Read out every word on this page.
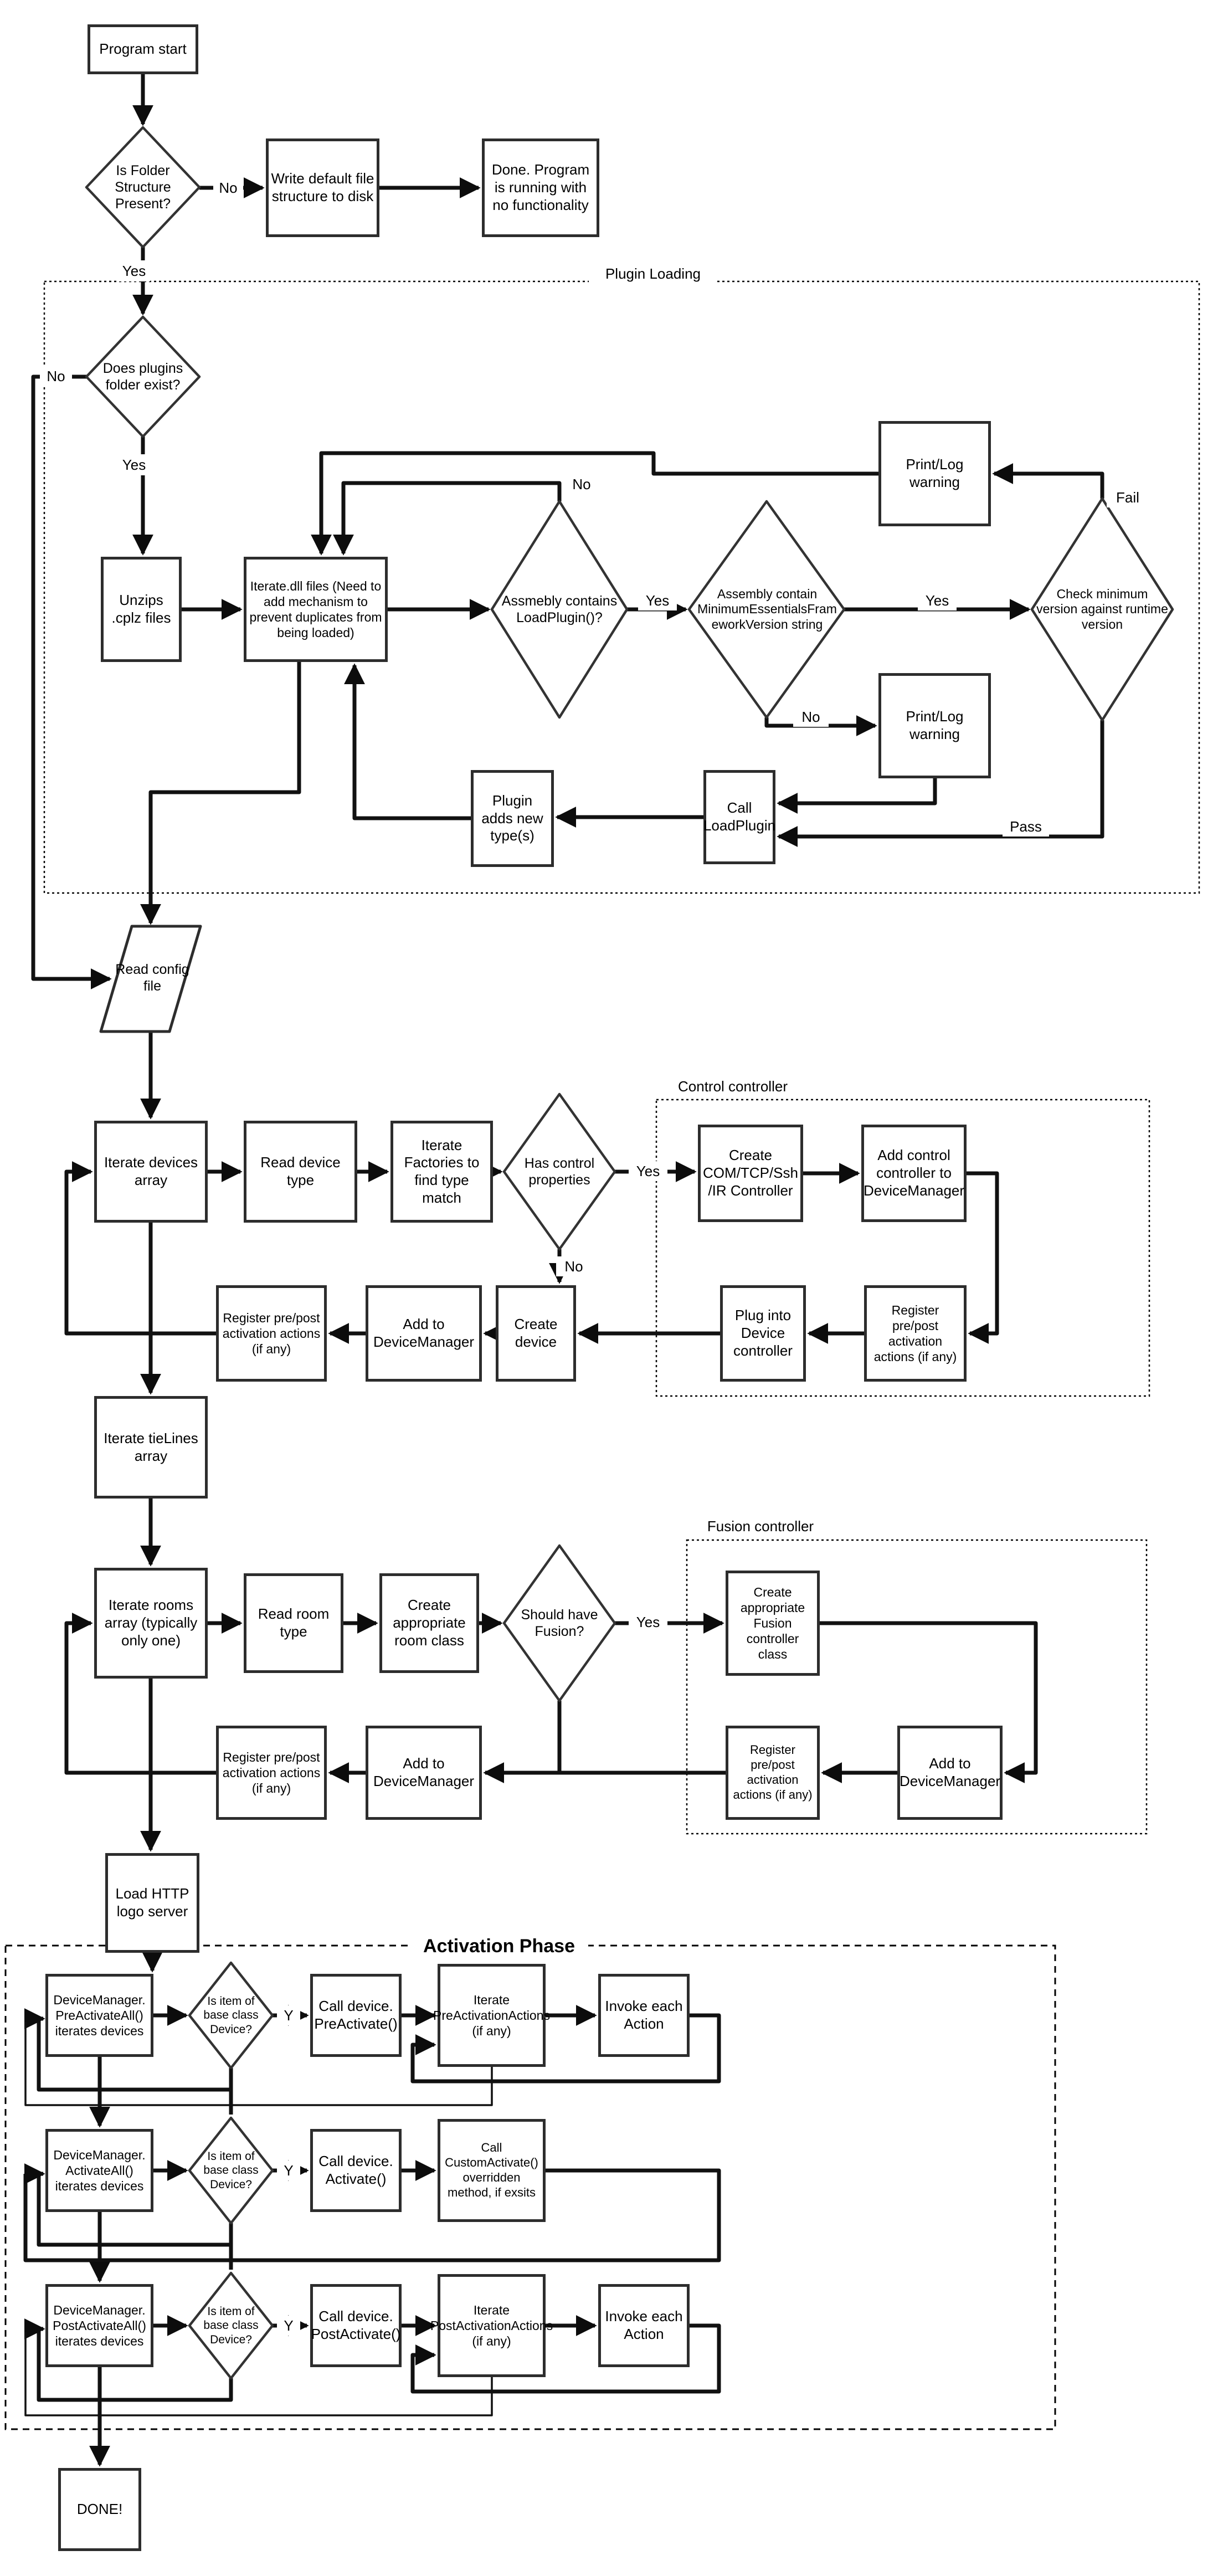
Program start
Write default file structure to disk
Done. Program is running with no functionality
Unzips .cplz files
Iterate.dll files (Need to add mechanism to prevent duplicates from being loaded)
Print/Log warning
Print/Log warning
Call LoadPlugin
Plugin adds new type(s)
Iterate devices array
Read device type
Iterate Factories to find type match
Create COM/TCP/Ssh /IR Controller
Add control controller to DeviceManager
Register pre/post activation actions (if any)
Plug into Device controller
Create device
Add to DeviceManager
Register pre/post activation actions (if any)
Iterate tieLines array
Iterate rooms array (typically only one)
Read room type
Create appropriate room class
Create appropriate Fusion controller class
Add to DeviceManager
Register pre/post activation actions (if any)
Add to DeviceManager
Register pre/post activation actions (if any)
Load HTTP logo server
DeviceManager. PreActivateAll() iterates devices
Call device. PreActivate()
Iterate PreActivationActions (if any)
Invoke each Action
DeviceManager. ActivateAll() iterates devices
Call device. Activate()
Call CustomActivate() overridden method, if exsits
DeviceManager. PostActivateAll() iterates devices
Call device. PostActivate()
Iterate PostActivationActions (if any)
Invoke each Action
DONE!
Is Folder Structure Present?
Does plugins folder exist?
Assmebly contains LoadPlugin()?
Assembly contain MinimumEssentialsFrameworkVersion string
Check minimum version against runtime version
Has control properties
Should have Fusion?
Is item of base class Device?
Is item of base class Device?
Is item of base class Device?
Read config file
No
Yes
No
Yes
No
Yes	Yes
No
Fail
Pass
Yes
No
Yes
Y
Y
Y
Plugin Loading
Control controller
Fusion controller
Activation Phase
